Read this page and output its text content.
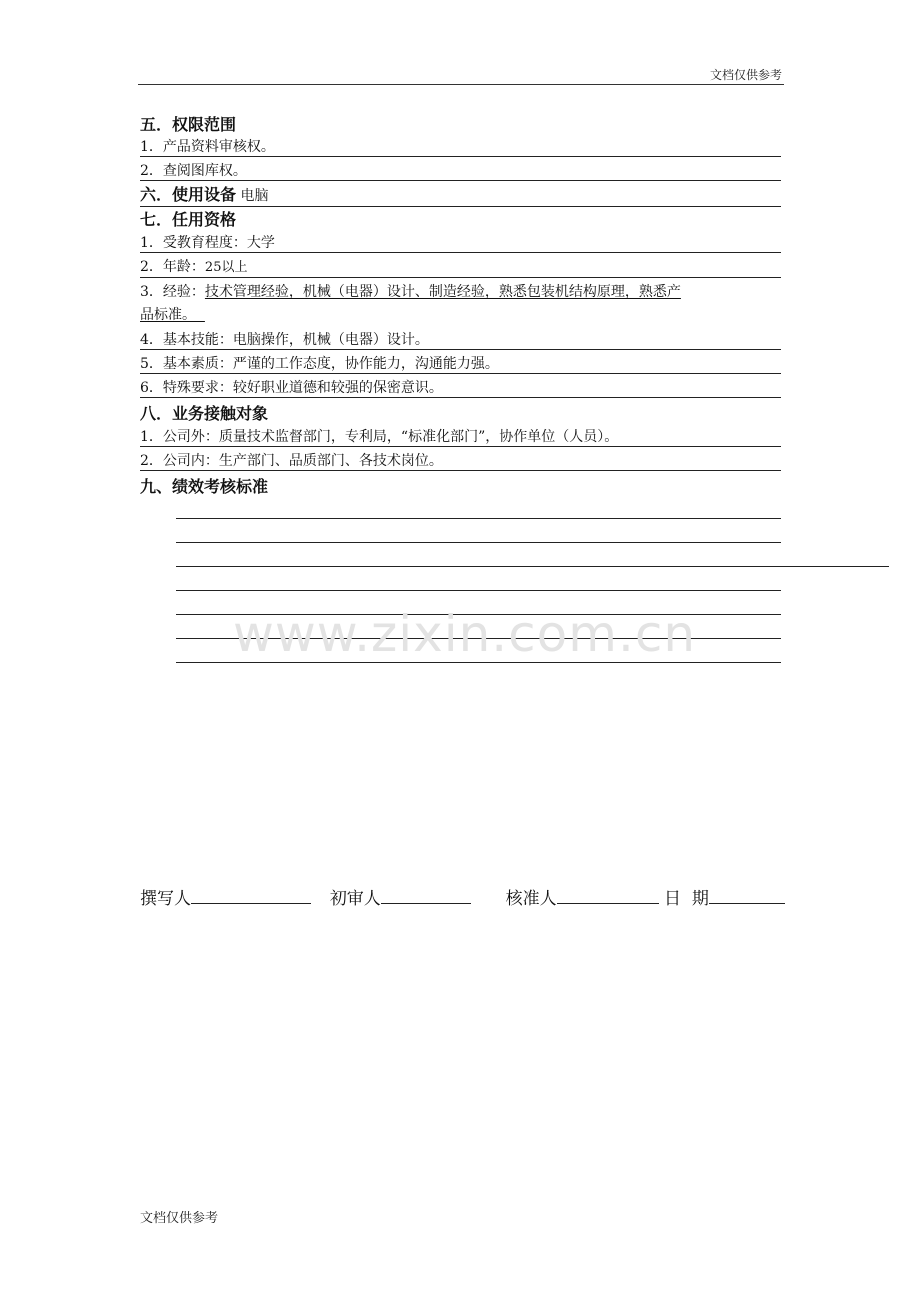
文档仅供参考
五．权限范围
1．产品资料审核权。
2．查阅图库权。
六．使用设备 电脑
七．任用资格
1．受教育程度：大学
2．年龄：25以上
3．经验：技术管理经验，机械（电器）设计、制造经验，熟悉包装机结构原理，熟悉产
品标准。
4．基本技能：电脑操作，机械（电器）设计。
5．基本素质：严谨的工作态度，协作能力，沟通能力强。
6．特殊要求：较好职业道德和较强的保密意识。
八．业务接触对象
1．公司外：质量技术监督部门，专利局，“标准化部门”，协作单位（人员）。
2．公司内：生产部门、品质部门、各技术岗位。
九、绩效考核标准
www.zixin.com.cn
撰写人	初审人	核准人	日  期
文档仅供参考
